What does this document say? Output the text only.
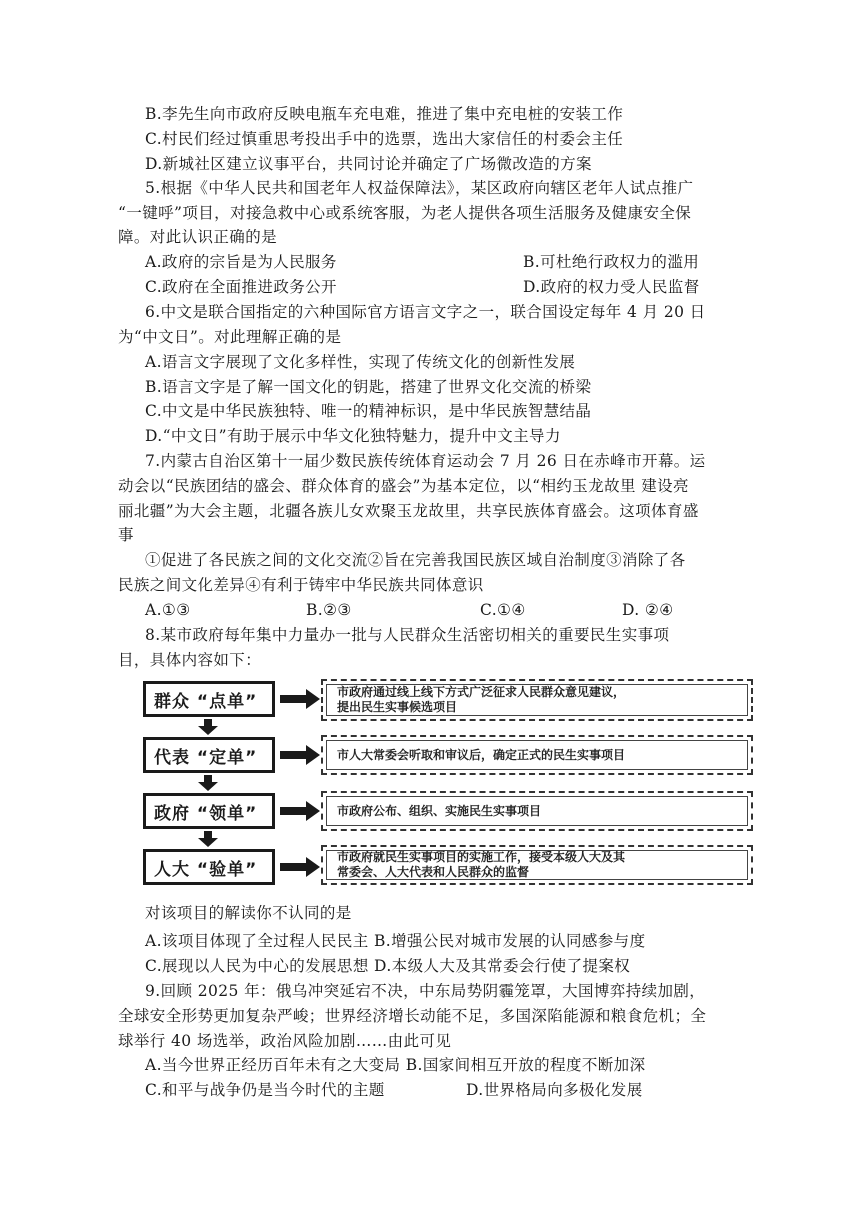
B.李先生向市政府反映电瓶车充电难，推进了集中充电桩的安装工作
C.村民们经过慎重思考投出手中的选票，选出大家信任的村委会主任
D.新城社区建立议事平台，共同讨论并确定了广场微改造的方案
5.根据《中华人民共和国老年人权益保障法》，某区政府向辖区老年人试点推广
“一键呼”项目，对接急救中心或系统客服，为老人提供各项生活服务及健康安全保
障。对此认识正确的是
A.政府的宗旨是为人民服务	B.可杜绝行政权力的滥用
C.政府在全面推进政务公开	D.政府的权力受人民监督
6.中文是联合国指定的六种国际官方语言文字之一，联合国设定每年 4 月 20 日
为“中文日”。对此理解正确的是
A.语言文字展现了文化多样性，实现了传统文化的创新性发展
B.语言文字是了解一国文化的钥匙，搭建了世界文化交流的桥梁
C.中文是中华民族独特、唯一的精神标识，是中华民族智慧结晶
D.“中文日”有助于展示中华文化独特魅力，提升中文主导力
7.内蒙古自治区第十一届少数民族传统体育运动会 7 月 26 日在赤峰市开幕。运
动会以“民族团结的盛会、群众体育的盛会”为基本定位，以“相约玉龙故里 建设亮
丽北疆”为大会主题，北疆各族儿女欢聚玉龙故里，共享民族体育盛会。这项体育盛
事
①促进了各民族之间的文化交流②旨在完善我国民族区域自治制度③消除了各
民族之间文化差异④有利于铸牢中华民族共同体意识
A.①③	B.②③	C.①④	D. ②④
8.某市政府每年集中力量办一批与人民群众生活密切相关的重要民生实事项
目，具体内容如下：
群众 “点单”	市政府通过线上线下方式广泛征求人民群众意见建议，
提出民生实事候选项目
代表 “定单”	市人大常委会听取和审议后，确定正式的民生实事项目
政府 “领单”	市政府公布、组织、实施民生实事项目
人大 “验单”
市政府就民生实事项目的实施工作，接受本级人大及其
常委会、人大代表和人民群众的监督
对该项目的解读你不认同的是
A.该项目体现了全过程人民民主 B.增强公民对城市发展的认同感参与度
C.展现以人民为中心的发展思想 D.本级人大及其常委会行使了提案权
9.回顾 2025 年：俄乌冲突延宕不决，中东局势阴霾笼罩，大国博弈持续加剧，
全球安全形势更加复杂严峻；世界经济增长动能不足，多国深陷能源和粮食危机；全
球举行 40 场选举，政治风险加剧……由此可见
A.当今世界正经历百年未有之大变局 B.国家间相互开放的程度不断加深
C.和平与战争仍是当今时代的主题	D.世界格局向多极化发展
